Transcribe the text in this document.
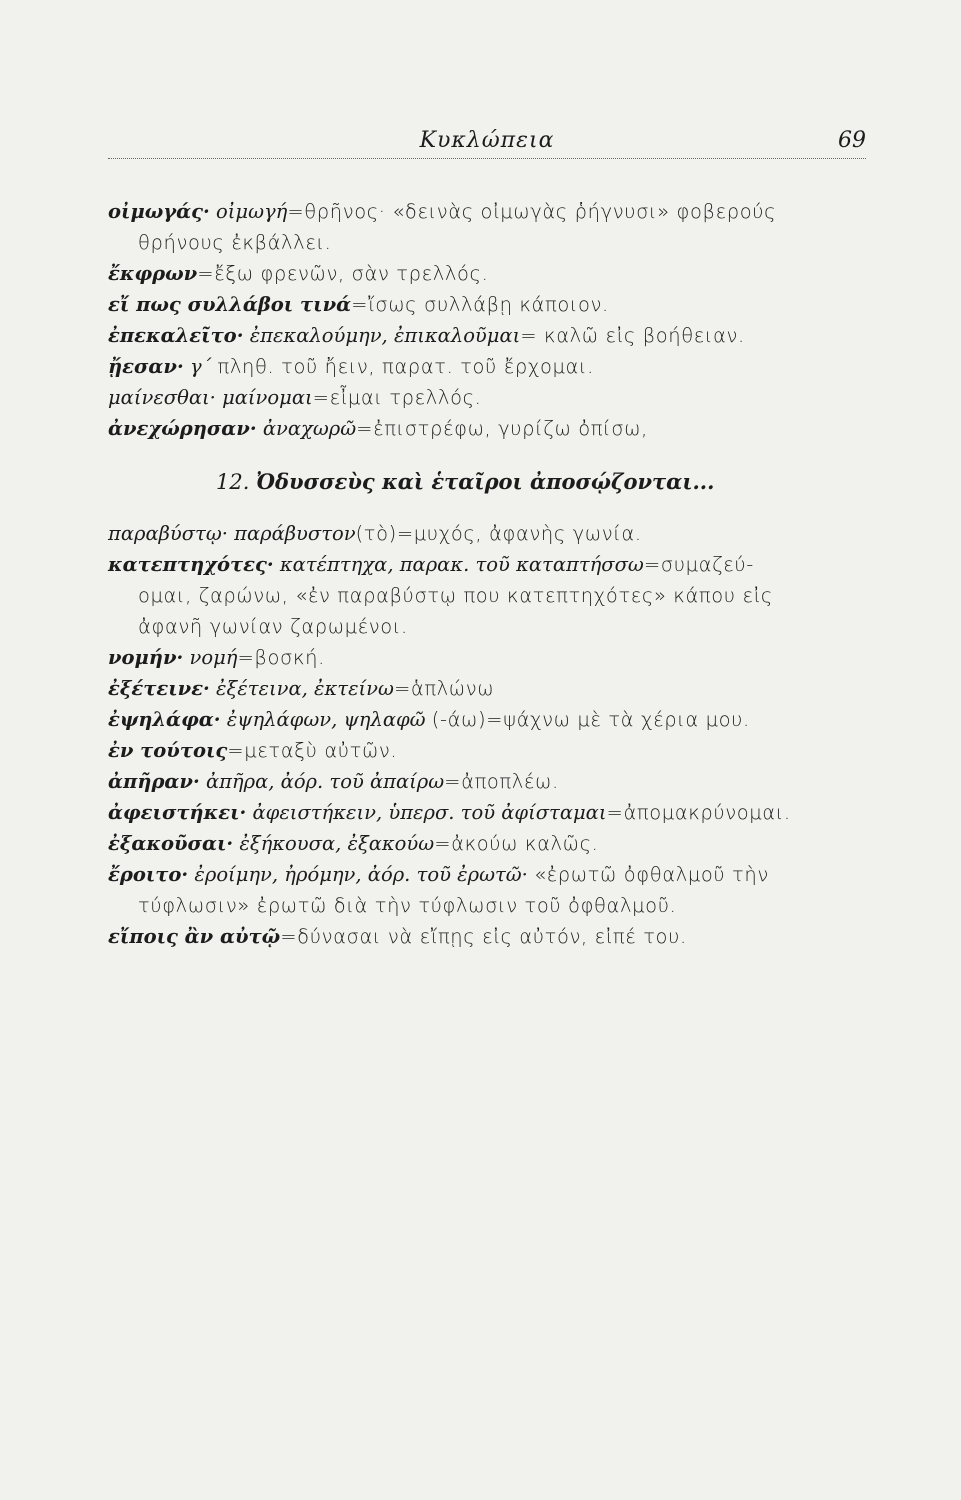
Κυκλώπεια	69
οἰμωγάς· οἰμωγή=θρῆνος· «δεινὰς οἰμωγὰς ῥήγνυσι» φοβερούς
θρήνους ἐκβάλλει.
ἔκφρων=ἔξω φρενῶν, σὰν τρελλός.
εἴ πως συλλάβοι τινά=ἴσως συλλάβῃ κάποιον.
ἐπεκαλεῖτο· ἐπεκαλούμην, ἐπικαλοῦμαι= καλῶ εἰς βοήθειαν.
ᾔεσαν· γ΄ πληθ. τοῦ ἤειν, παρατ. τοῦ ἔρχομαι.
μαίνεσθαι· μαίνομαι=εἶμαι τρελλός.
ἀνεχώρησαν· ἀναχωρῶ=ἐπιστρέφω, γυρίζω ὀπίσω,
12. Ὀδυσσεὺς καὶ ἑταῖροι ἀποσῴζονται...
παραβύστῳ· παράβυστον(τὸ)=μυχός, ἀφανὴς γωνία.
κατεπτηχότες· κατέπτηχα, παρακ. τοῦ καταπτήσσω=συμαζεύ-
ομαι, ζαρώνω, «ἐν παραβύστῳ που κατεπτηχότες» κάπου εἰς
ἀφανῆ γωνίαν ζαρωμένοι.
νομήν· νομή=βοσκή.
ἐξέτεινε· ἐξέτεινα, ἐκτείνω=ἁπλώνω
ἐψηλάφα· ἐψηλάφων, ψηλαφῶ (-άω)=ψάχνω μὲ τὰ χέρια μου.
ἐν τούτοις=μεταξὺ αὐτῶν.
ἀπῆραν· ἀπῆρα, ἀόρ. τοῦ ἀπαίρω=ἀποπλέω.
ἀφειστήκει· ἀφειστήκειν, ὑπερσ. τοῦ ἀφίσταμαι=ἀπομακρύνομαι.
ἐξακοῦσαι· ἐξήκουσα, ἐξακούω=ἀκούω καλῶς.
ἔροιτο· ἐροίμην, ἠρόμην, ἀόρ. τοῦ ἐρωτῶ· «ἐρωτῶ ὀφθαλμοῦ τὴν
τύφλωσιν» ἐρωτῶ διὰ τὴν τύφλωσιν τοῦ ὀφθαλμοῦ.
εἴποις ἂν αὐτῷ=δύνασαι νὰ εἴπῃς εἰς αὐτόν, εἰπέ του.
